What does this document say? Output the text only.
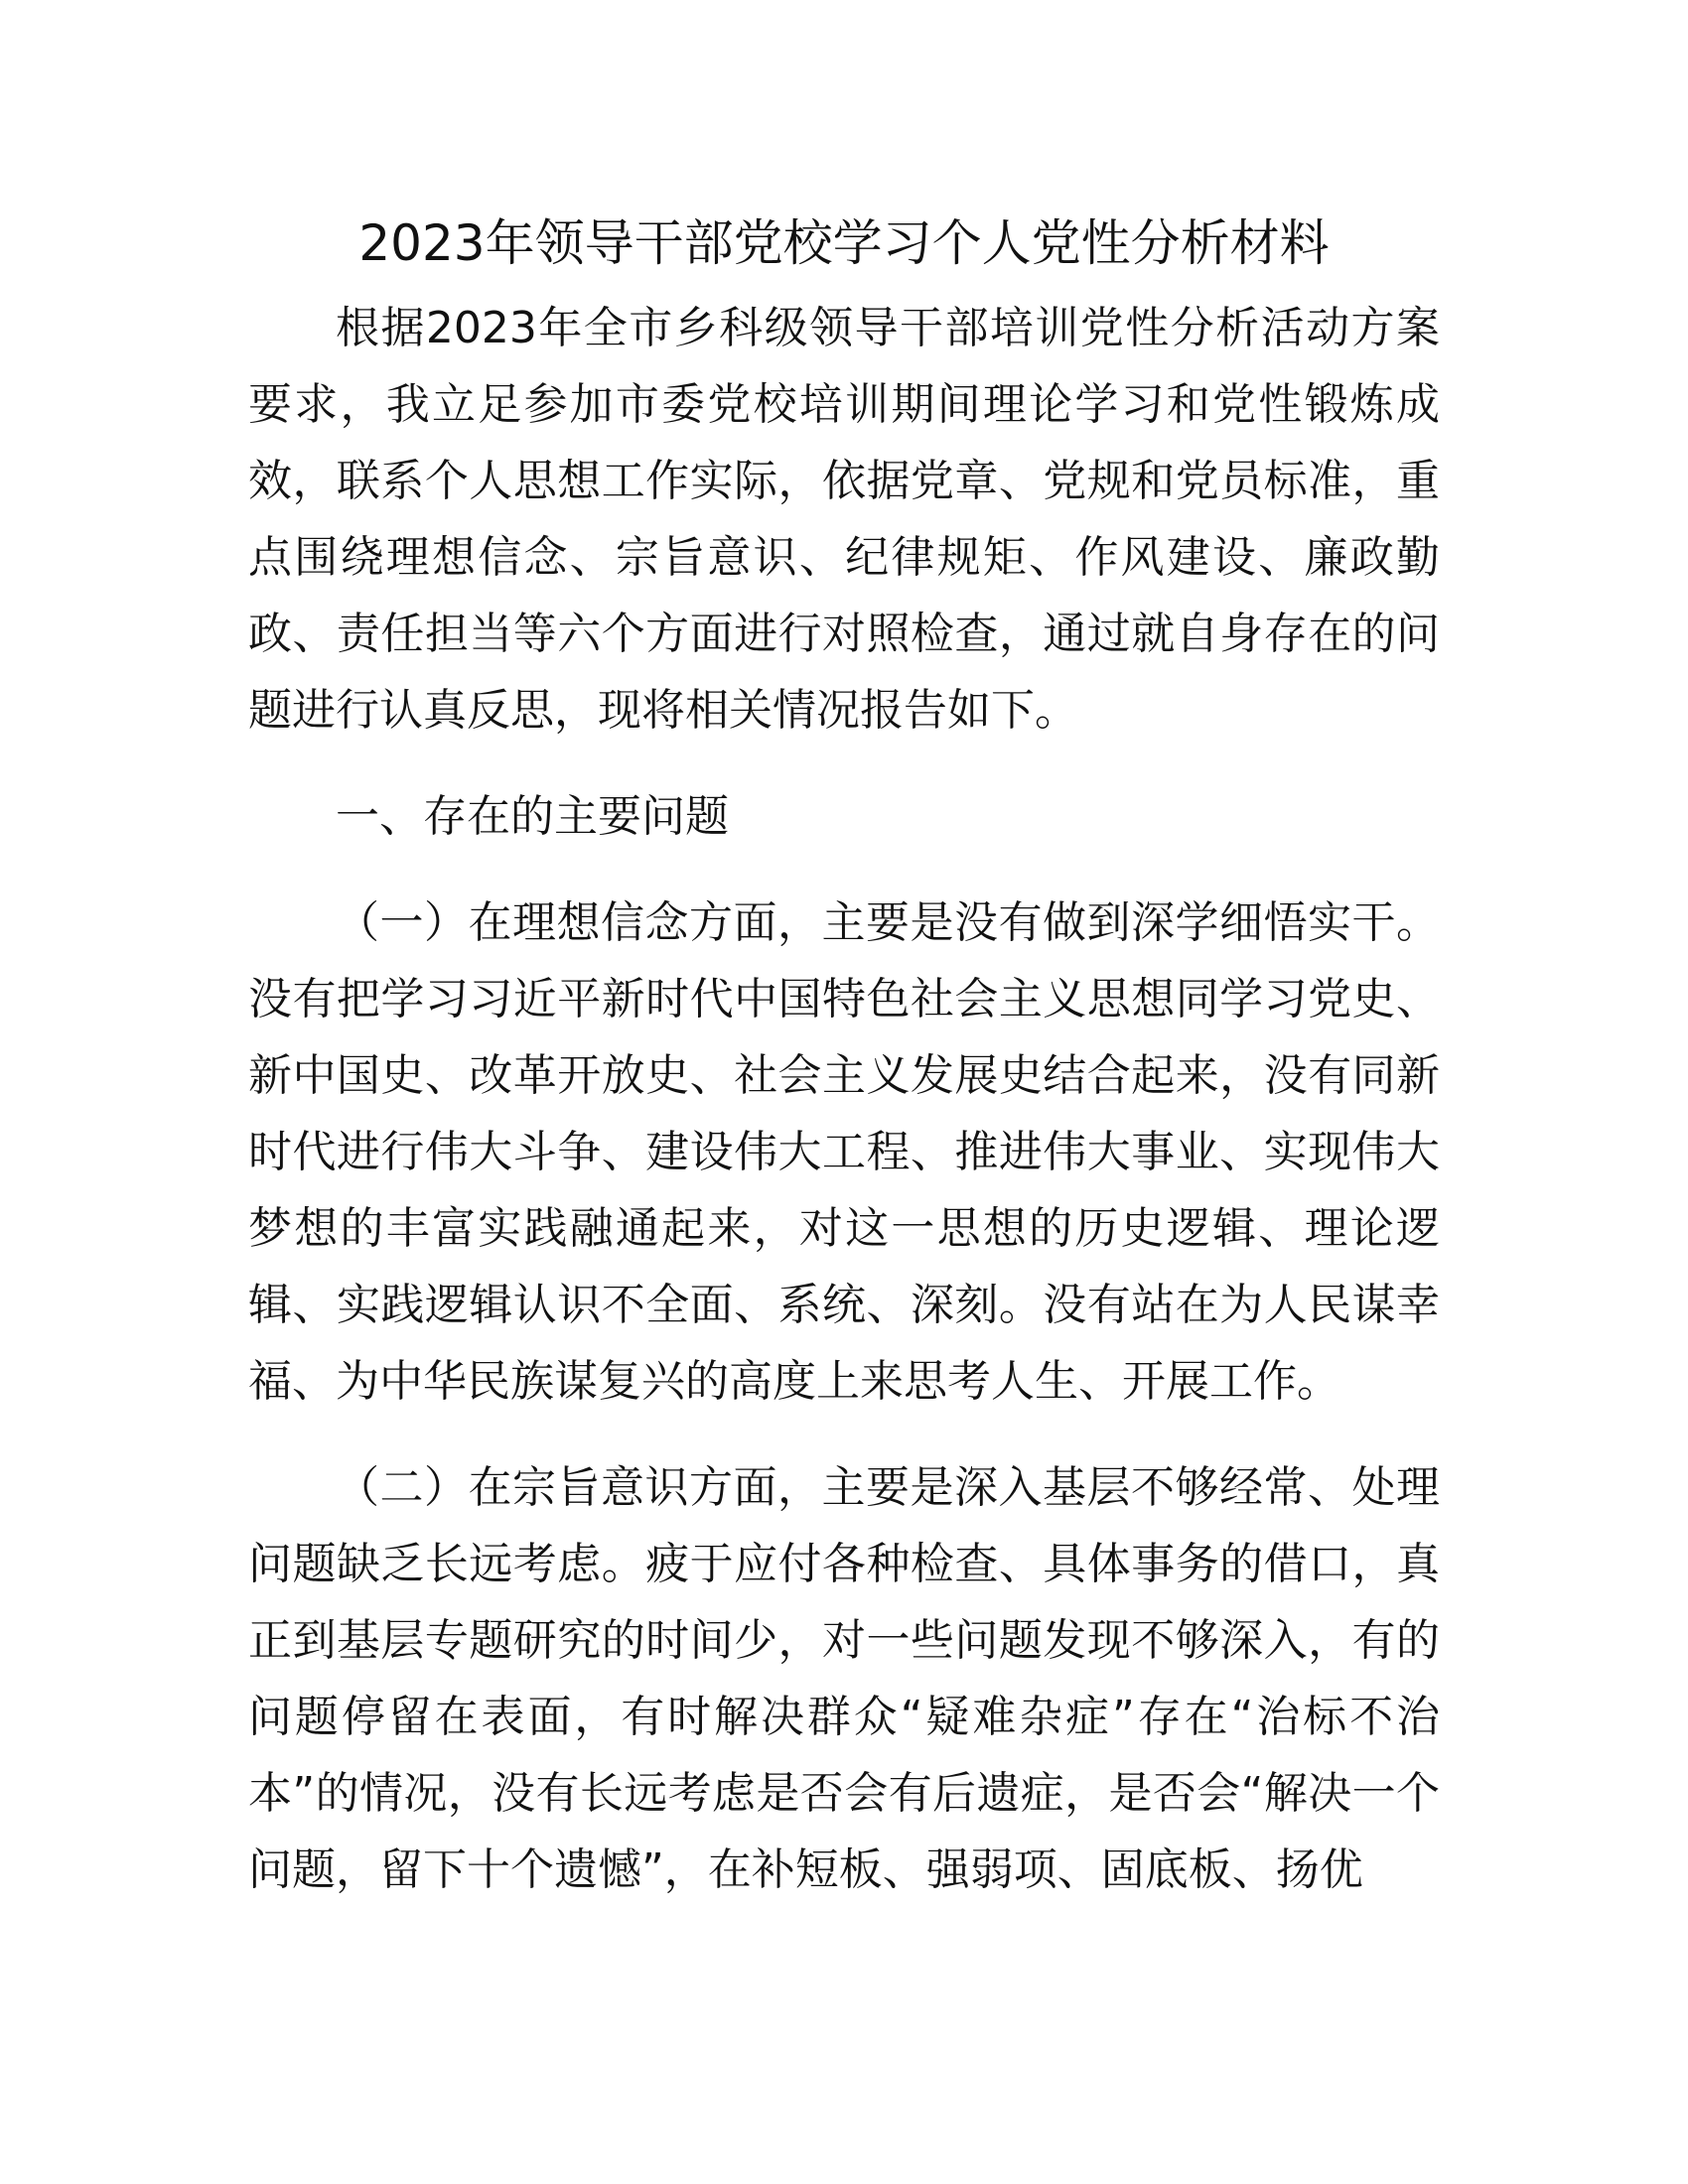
2023年领导干部党校学习个人党性分析材料

根据2023年全市乡科级领导干部培训党性分析活动方案要求，我立足参加市委党校培训期间理论学习和党性锻炼成效，联系个人思想工作实际，依据党章、党规和党员标准，重点围绕理想信念、宗旨意识、纪律规矩、作风建设、廉政勤政、责任担当等六个方面进行对照检查，通过就自身存在的问题进行认真反思，现将相关情况报告如下。

一、存在的主要问题

（一）在理想信念方面，主要是没有做到深学细悟实干。没有把学习习近平新时代中国特色社会主义思想同学习党史、新中国史、改革开放史、社会主义发展史结合起来，没有同新时代进行伟大斗争、建设伟大工程、推进伟大事业、实现伟大梦想的丰富实践融通起来，对这一思想的历史逻辑、理论逻辑、实践逻辑认识不全面、系统、深刻。没有站在为人民谋幸福、为中华民族谋复兴的高度上来思考人生、开展工作。

（二）在宗旨意识方面，主要是深入基层不够经常、处理问题缺乏长远考虑。疲于应付各种检查、具体事务的借口，真正到基层专题研究的时间少，对一些问题发现不够深入，有的问题停留在表面，有时解决群众“疑难杂症”存在“治标不治本”的情况，没有长远考虑是否会有后遗症，是否会“解决一个问题，留下十个遗憾”，在补短板、强弱项、固底板、扬优
